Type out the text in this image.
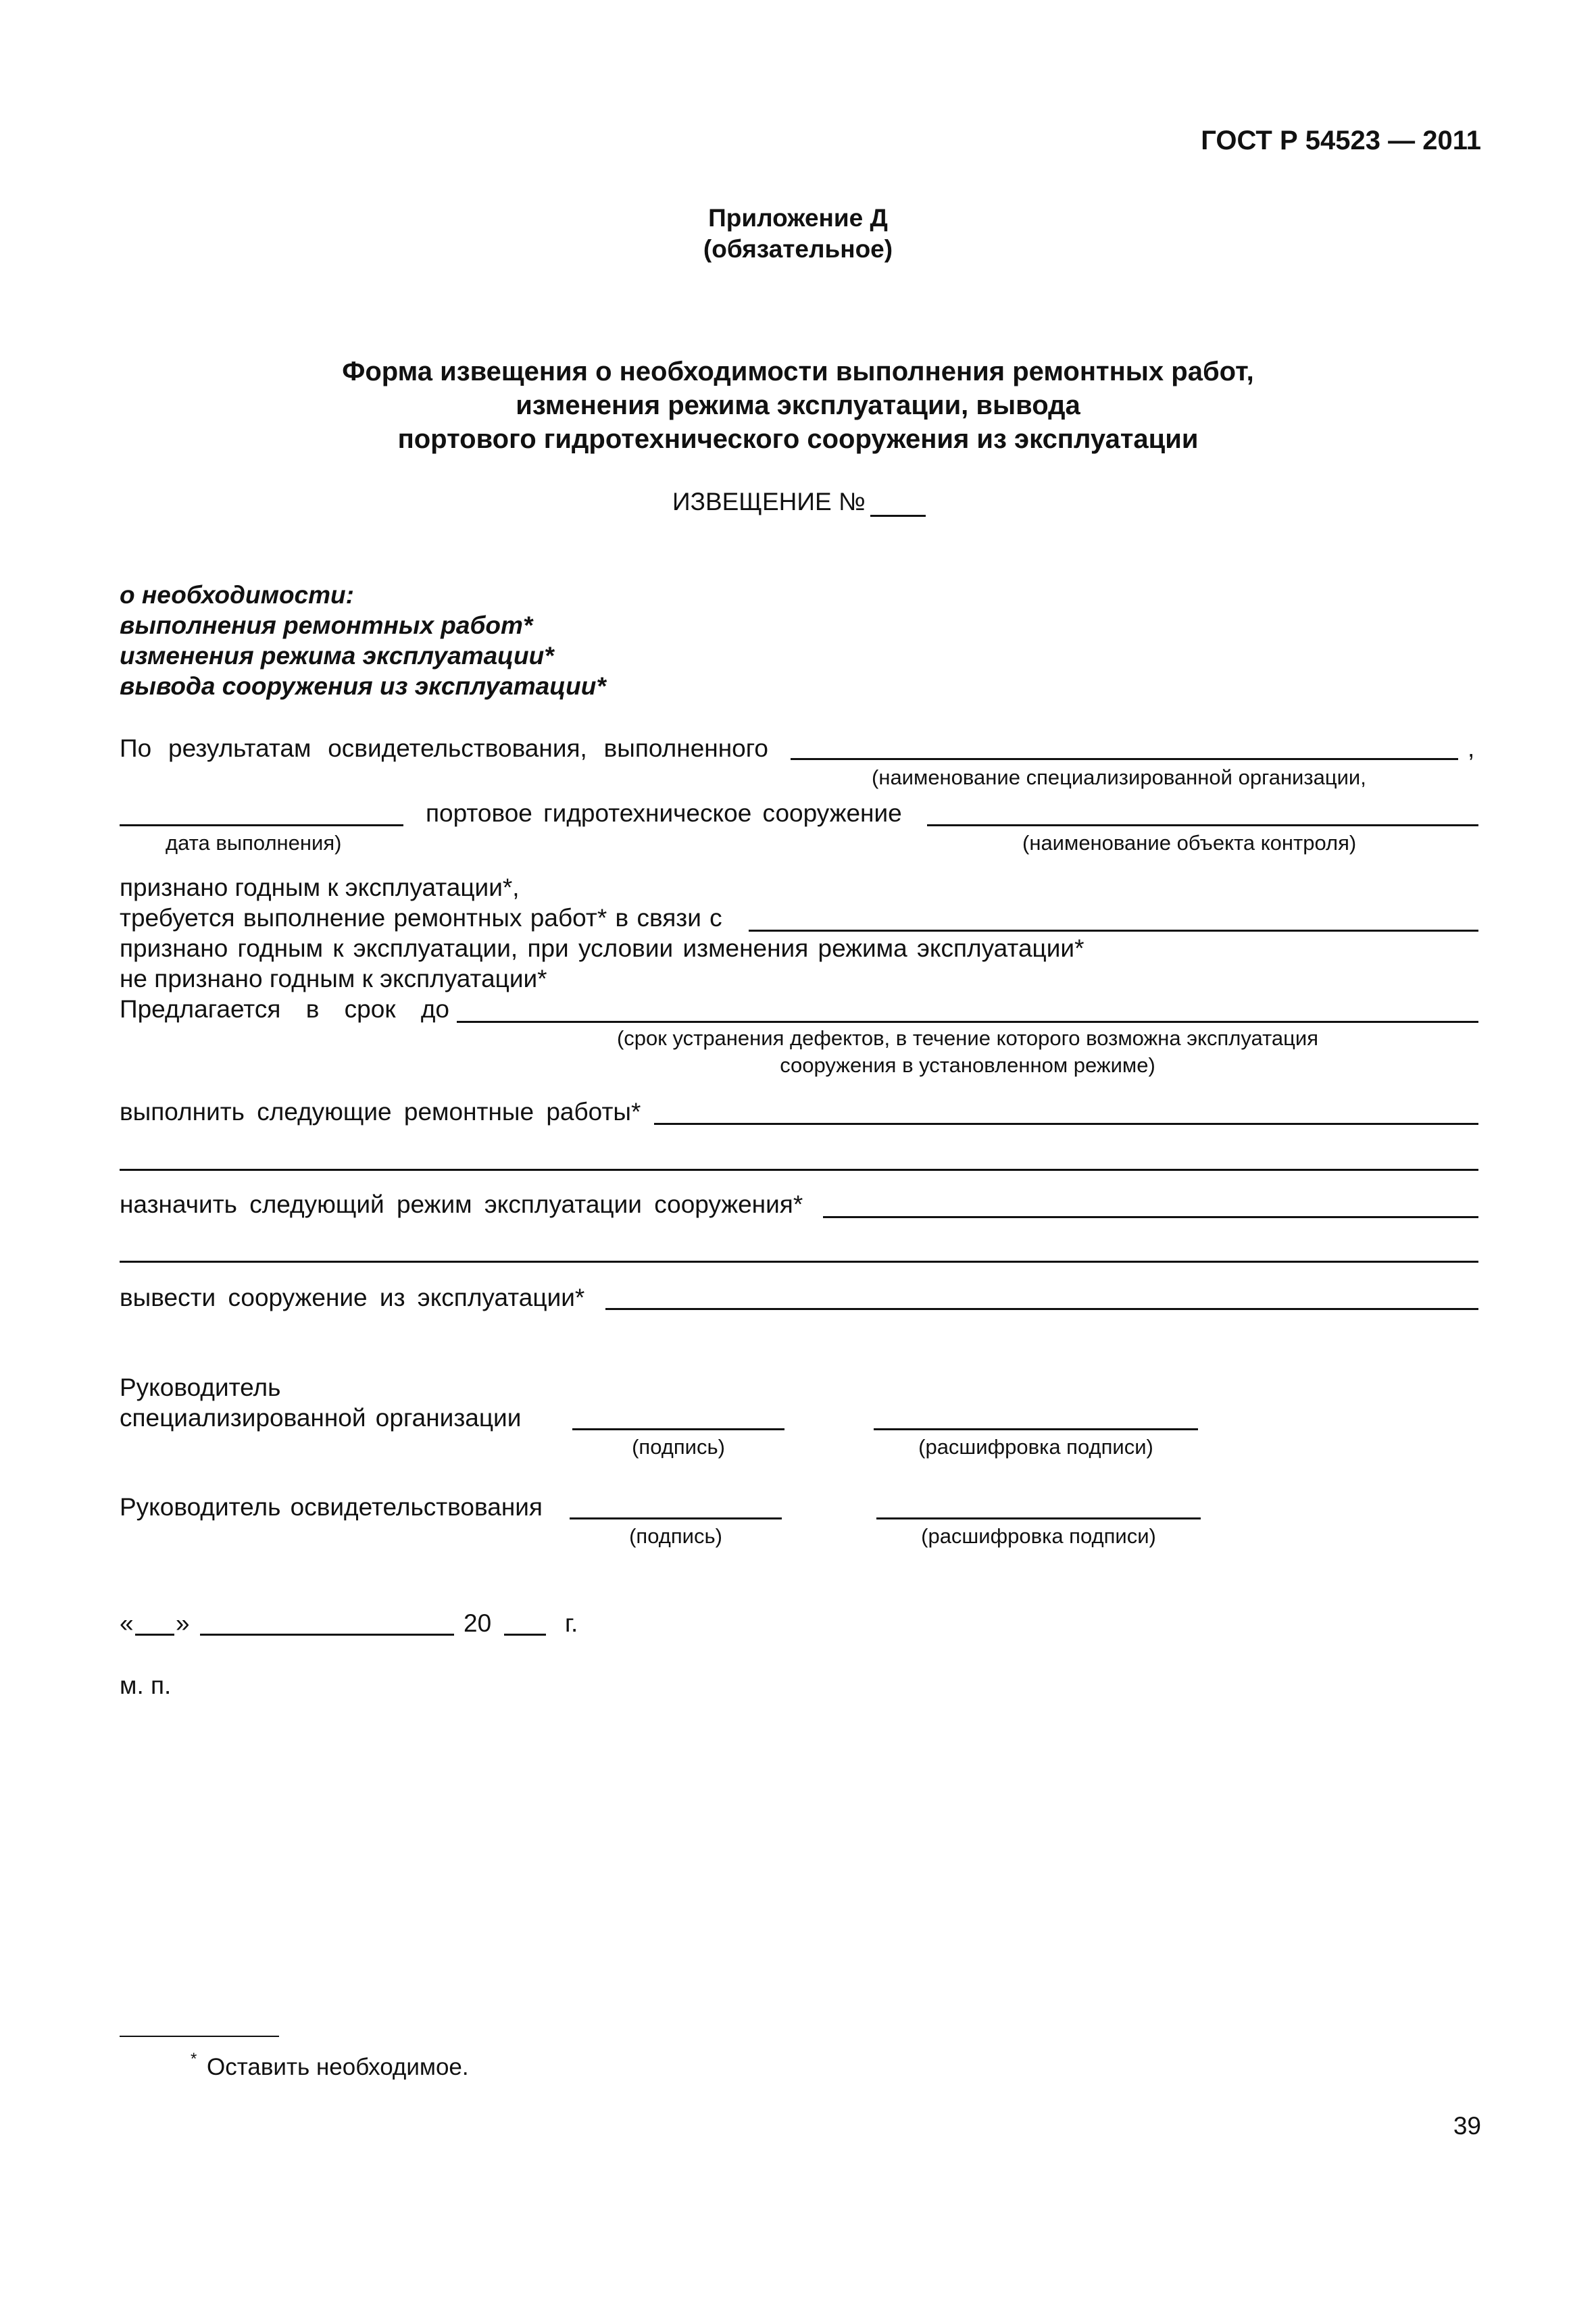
ГОСТ Р 54523 — 2011
Приложение Д
(обязательное)
Форма извещения о необходимости выполнения ремонтных работ,
изменения режима эксплуатации, вывода
портового гидротехнического сооружения из эксплуатации
ИЗВЕЩЕНИЕ №
о необходимости:
выполнения ремонтных работ*
изменения режима эксплуатации*
вывода сооружения из эксплуатации*
По результатам освидетельствования, выполненного	,
(наименование специализированной организации,
портовое гидротехническое сооружение
дата выполнения)	(наименование объекта контроля)
признано годным к эксплуатации*,
требуется выполнение ремонтных работ* в связи с
признано годным к эксплуатации, при условии изменения режима эксплуатации*
не признано годным к эксплуатации*
Предлагается в срок до
(срок устранения дефектов, в течение которого возможна эксплуатация
сооружения в установленном режиме)
выполнить следующие ремонтные работы*
назначить следующий режим эксплуатации сооружения*
вывести сооружение из эксплуатации*
Руководитель
специализированной организации
(подпись)	(расшифровка подписи)
Руководитель освидетельствования
(подпись)	(расшифровка подписи)
« »	20	г.
м. п.
* Оставить необходимое.
39
